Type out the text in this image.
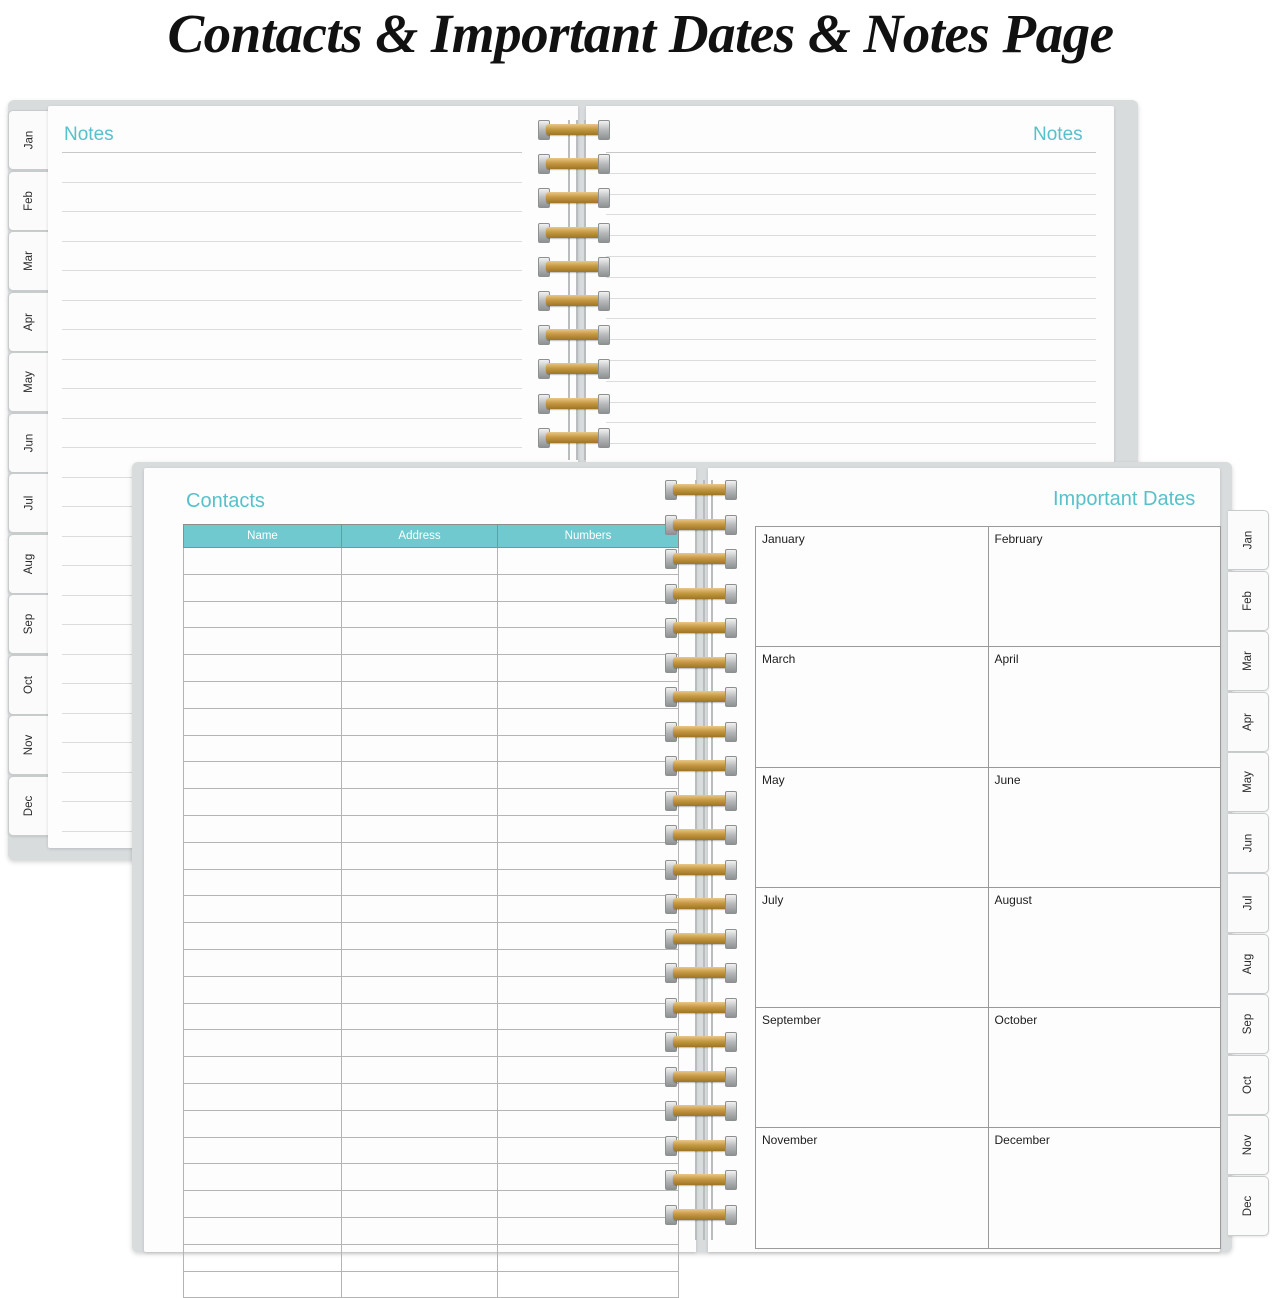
Contacts & Important Dates & Notes Page
Jan
Feb
Mar
Apr
May
Jun
Jul
Aug
Sep
Oct
Nov
Dec
Notes	Notes
Contacts
Name	Address	Numbers

Important Dates
January	February
March	April
May	June
July	August
September	October
November	December
Jan
Feb
Mar
Apr
May
Jun
Jul
Aug
Sep
Oct
Nov
Dec
